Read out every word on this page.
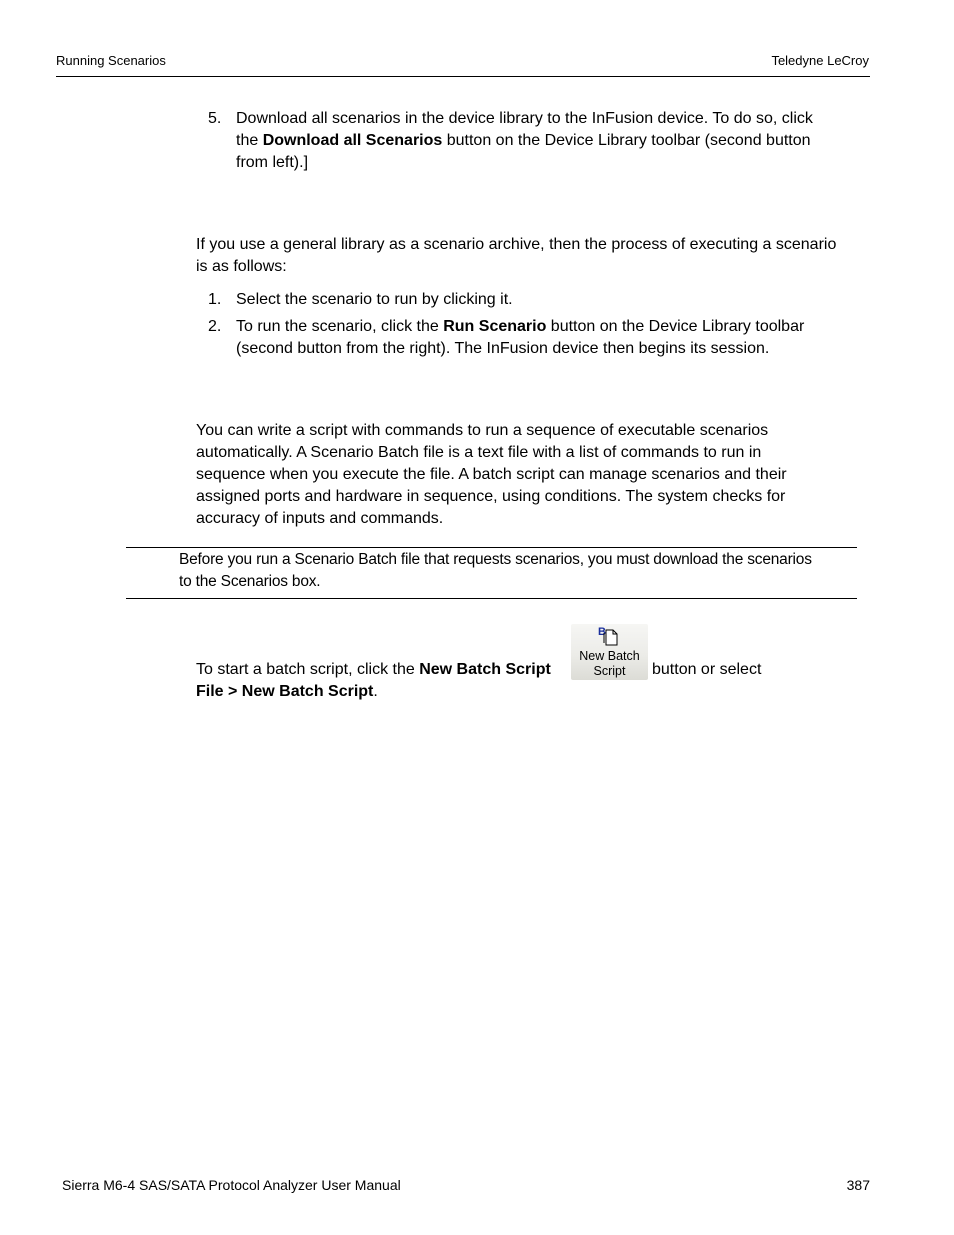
Running Scenarios	Teledyne LeCroy
5. Download all scenarios in the device library to the InFusion device. To do so, click
the Download all Scenarios button on the Device Library toolbar (second button
from left).]
If you use a general library as a scenario archive, then the process of executing a scenario
is as follows:
1. Select the scenario to run by clicking it.
2. To run the scenario, click the Run Scenario button on the Device Library toolbar
(second button from the right). The InFusion device then begins its session.
You can write a script with commands to run a sequence of executable scenarios
automatically. A Scenario Batch file is a text file with a list of commands to run in
sequence when you execute the file. A batch script can manage scenarios and their
assigned ports and hardware in sequence, using conditions. The system checks for
accuracy of inputs and commands.
Before you run a Scenario Batch file that requests scenarios, you must download the scenarios
to the Scenarios box.
To start a batch script, click the New Batch Script	button or select
File > New Batch Script.
B
New Batch
Script
Sierra M6-4 SAS/SATA Protocol Analyzer User Manual	387
